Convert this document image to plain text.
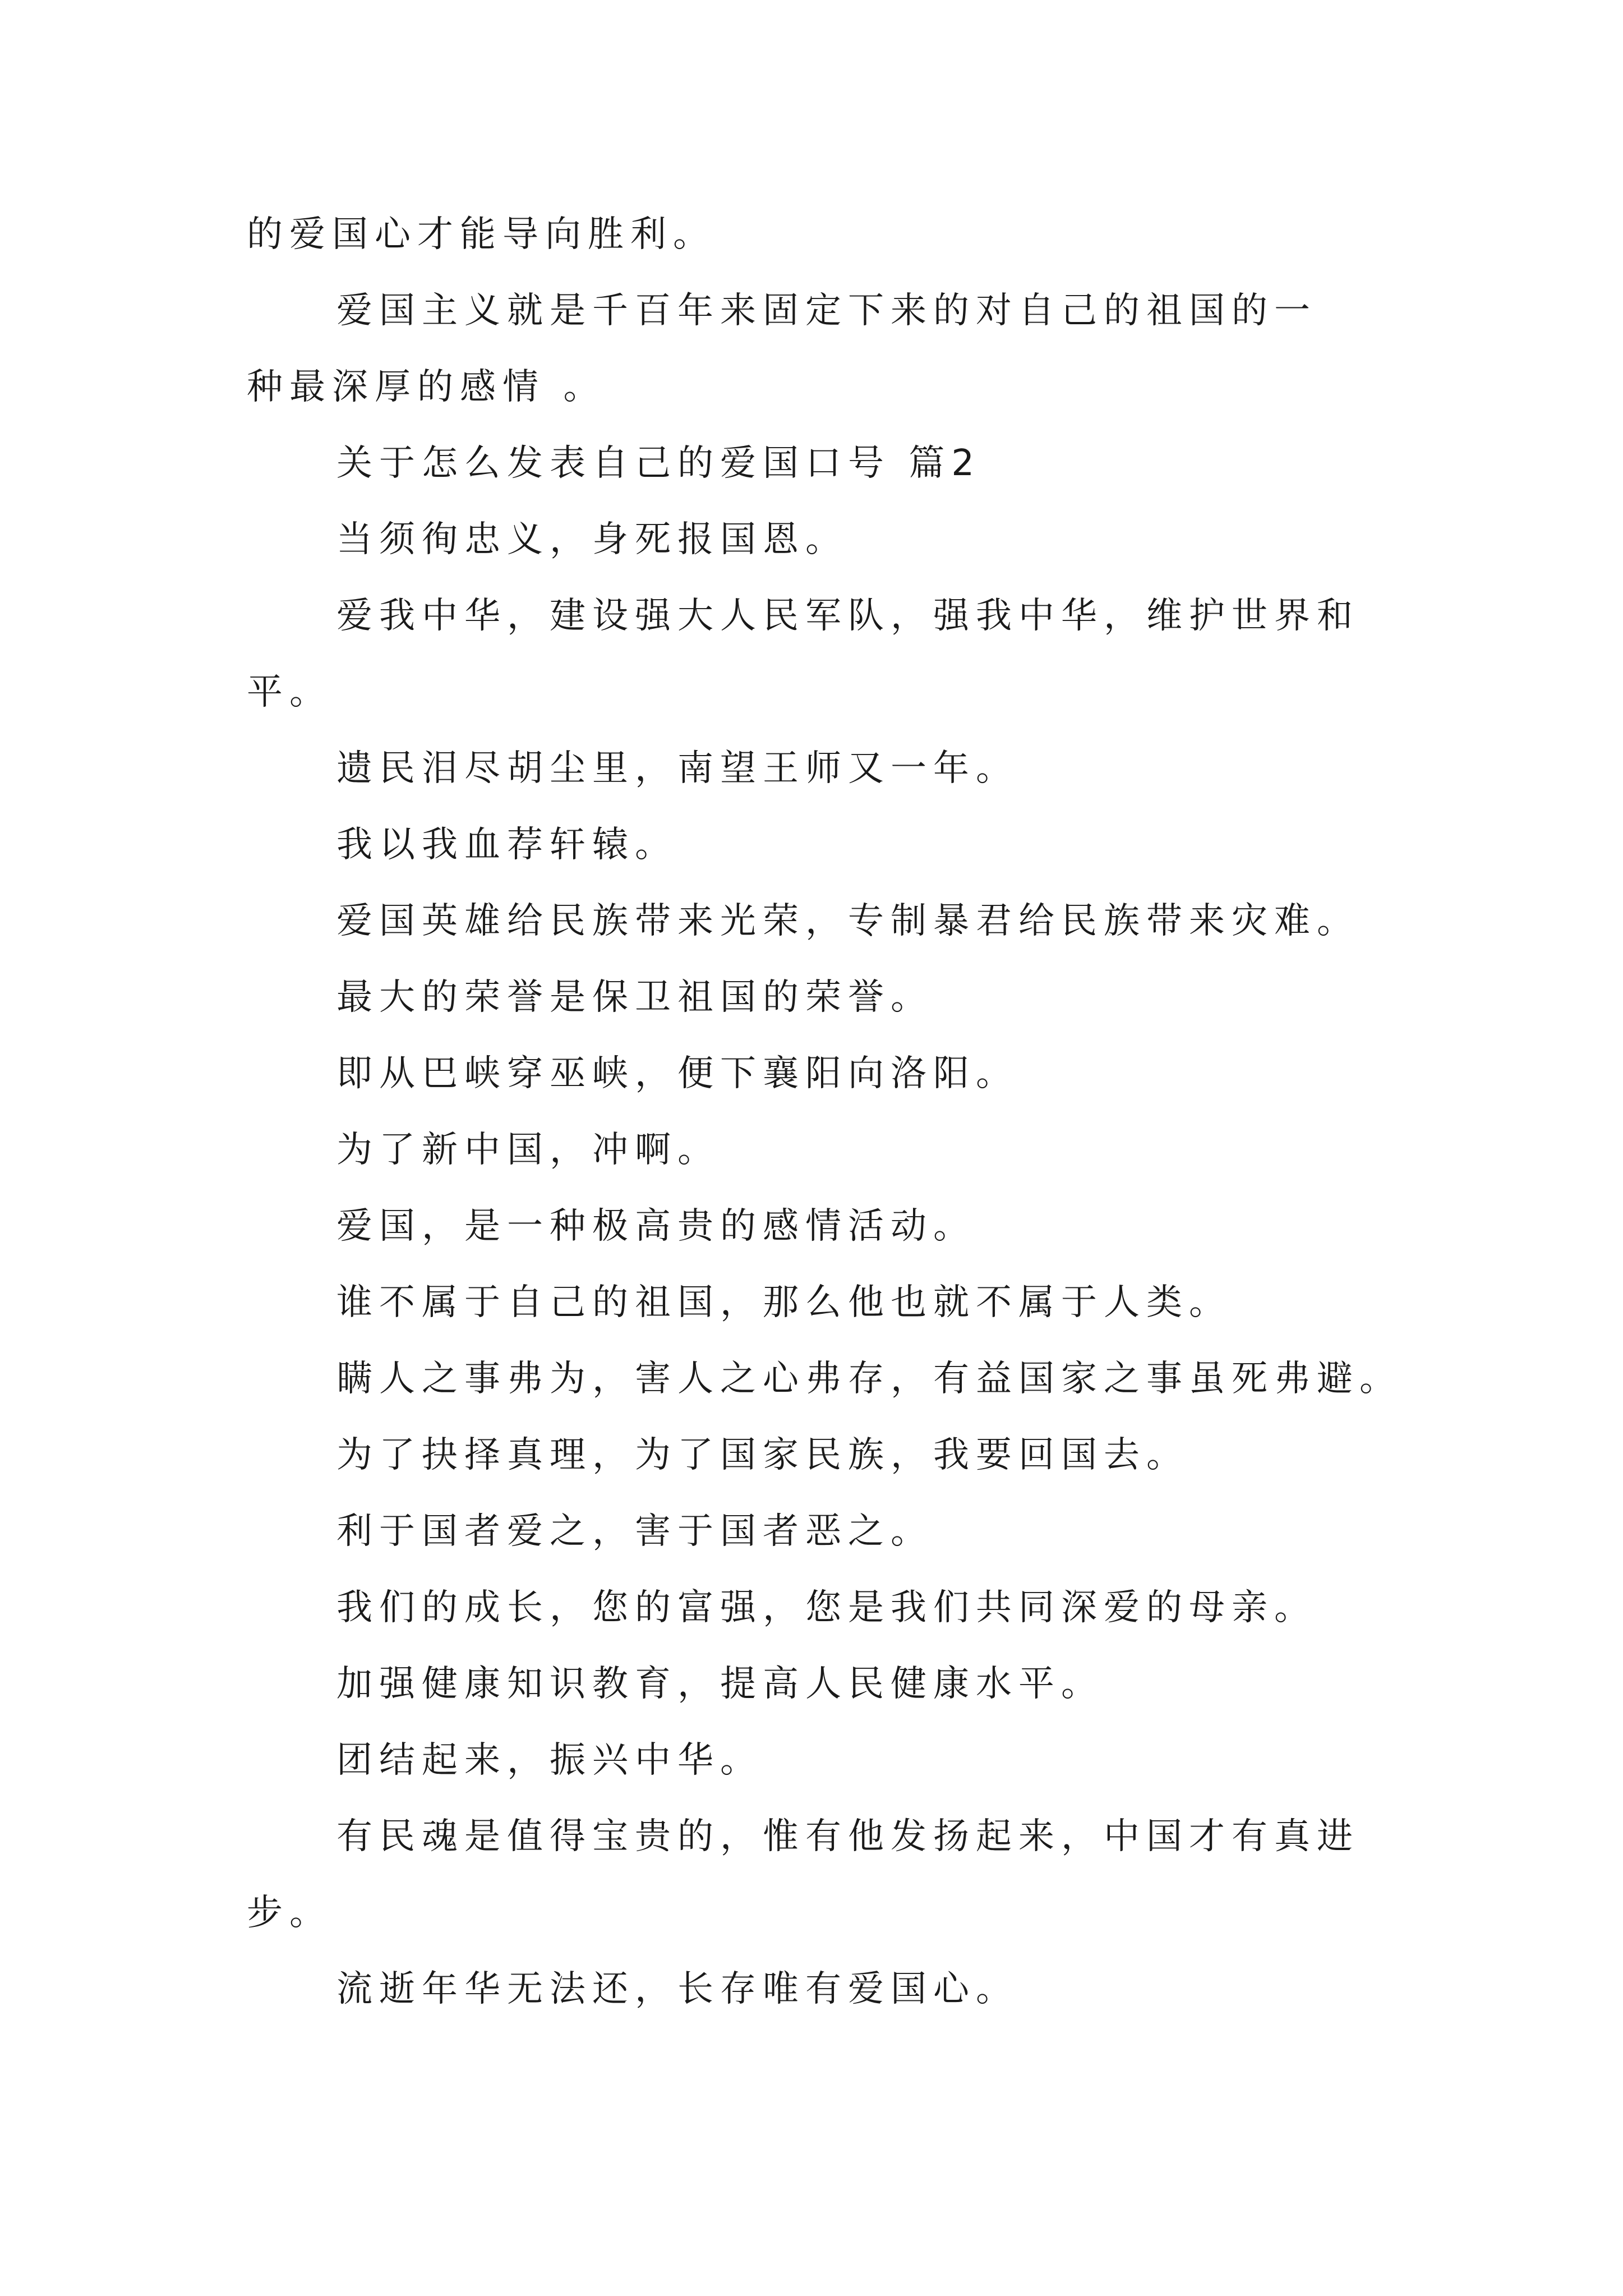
的爱国心才能导向胜利。
爱国主义就是千百年来固定下来的对自己的祖国的一
种最深厚的感情 。
关于怎么发表自己的爱国口号 篇2
当须徇忠义，身死报国恩。
爱我中华，建设强大人民军队，强我中华，维护世界和
平。
遗民泪尽胡尘里，南望王师又一年。
我以我血荐轩辕。
爱国英雄给民族带来光荣，专制暴君给民族带来灾难。
最大的荣誉是保卫祖国的荣誉。
即从巴峡穿巫峡，便下襄阳向洛阳。
为了新中国，冲啊。
爱国，是一种极高贵的感情活动。
谁不属于自己的祖国，那么他也就不属于人类。
瞒人之事弗为，害人之心弗存，有益国家之事虽死弗避。
为了抉择真理，为了国家民族，我要回国去。
利于国者爱之，害于国者恶之。
我们的成长，您的富强，您是我们共同深爱的母亲。
加强健康知识教育，提高人民健康水平。
团结起来，振兴中华。
有民魂是值得宝贵的，惟有他发扬起来，中国才有真进
步。
流逝年华无法还，长存唯有爱国心。
